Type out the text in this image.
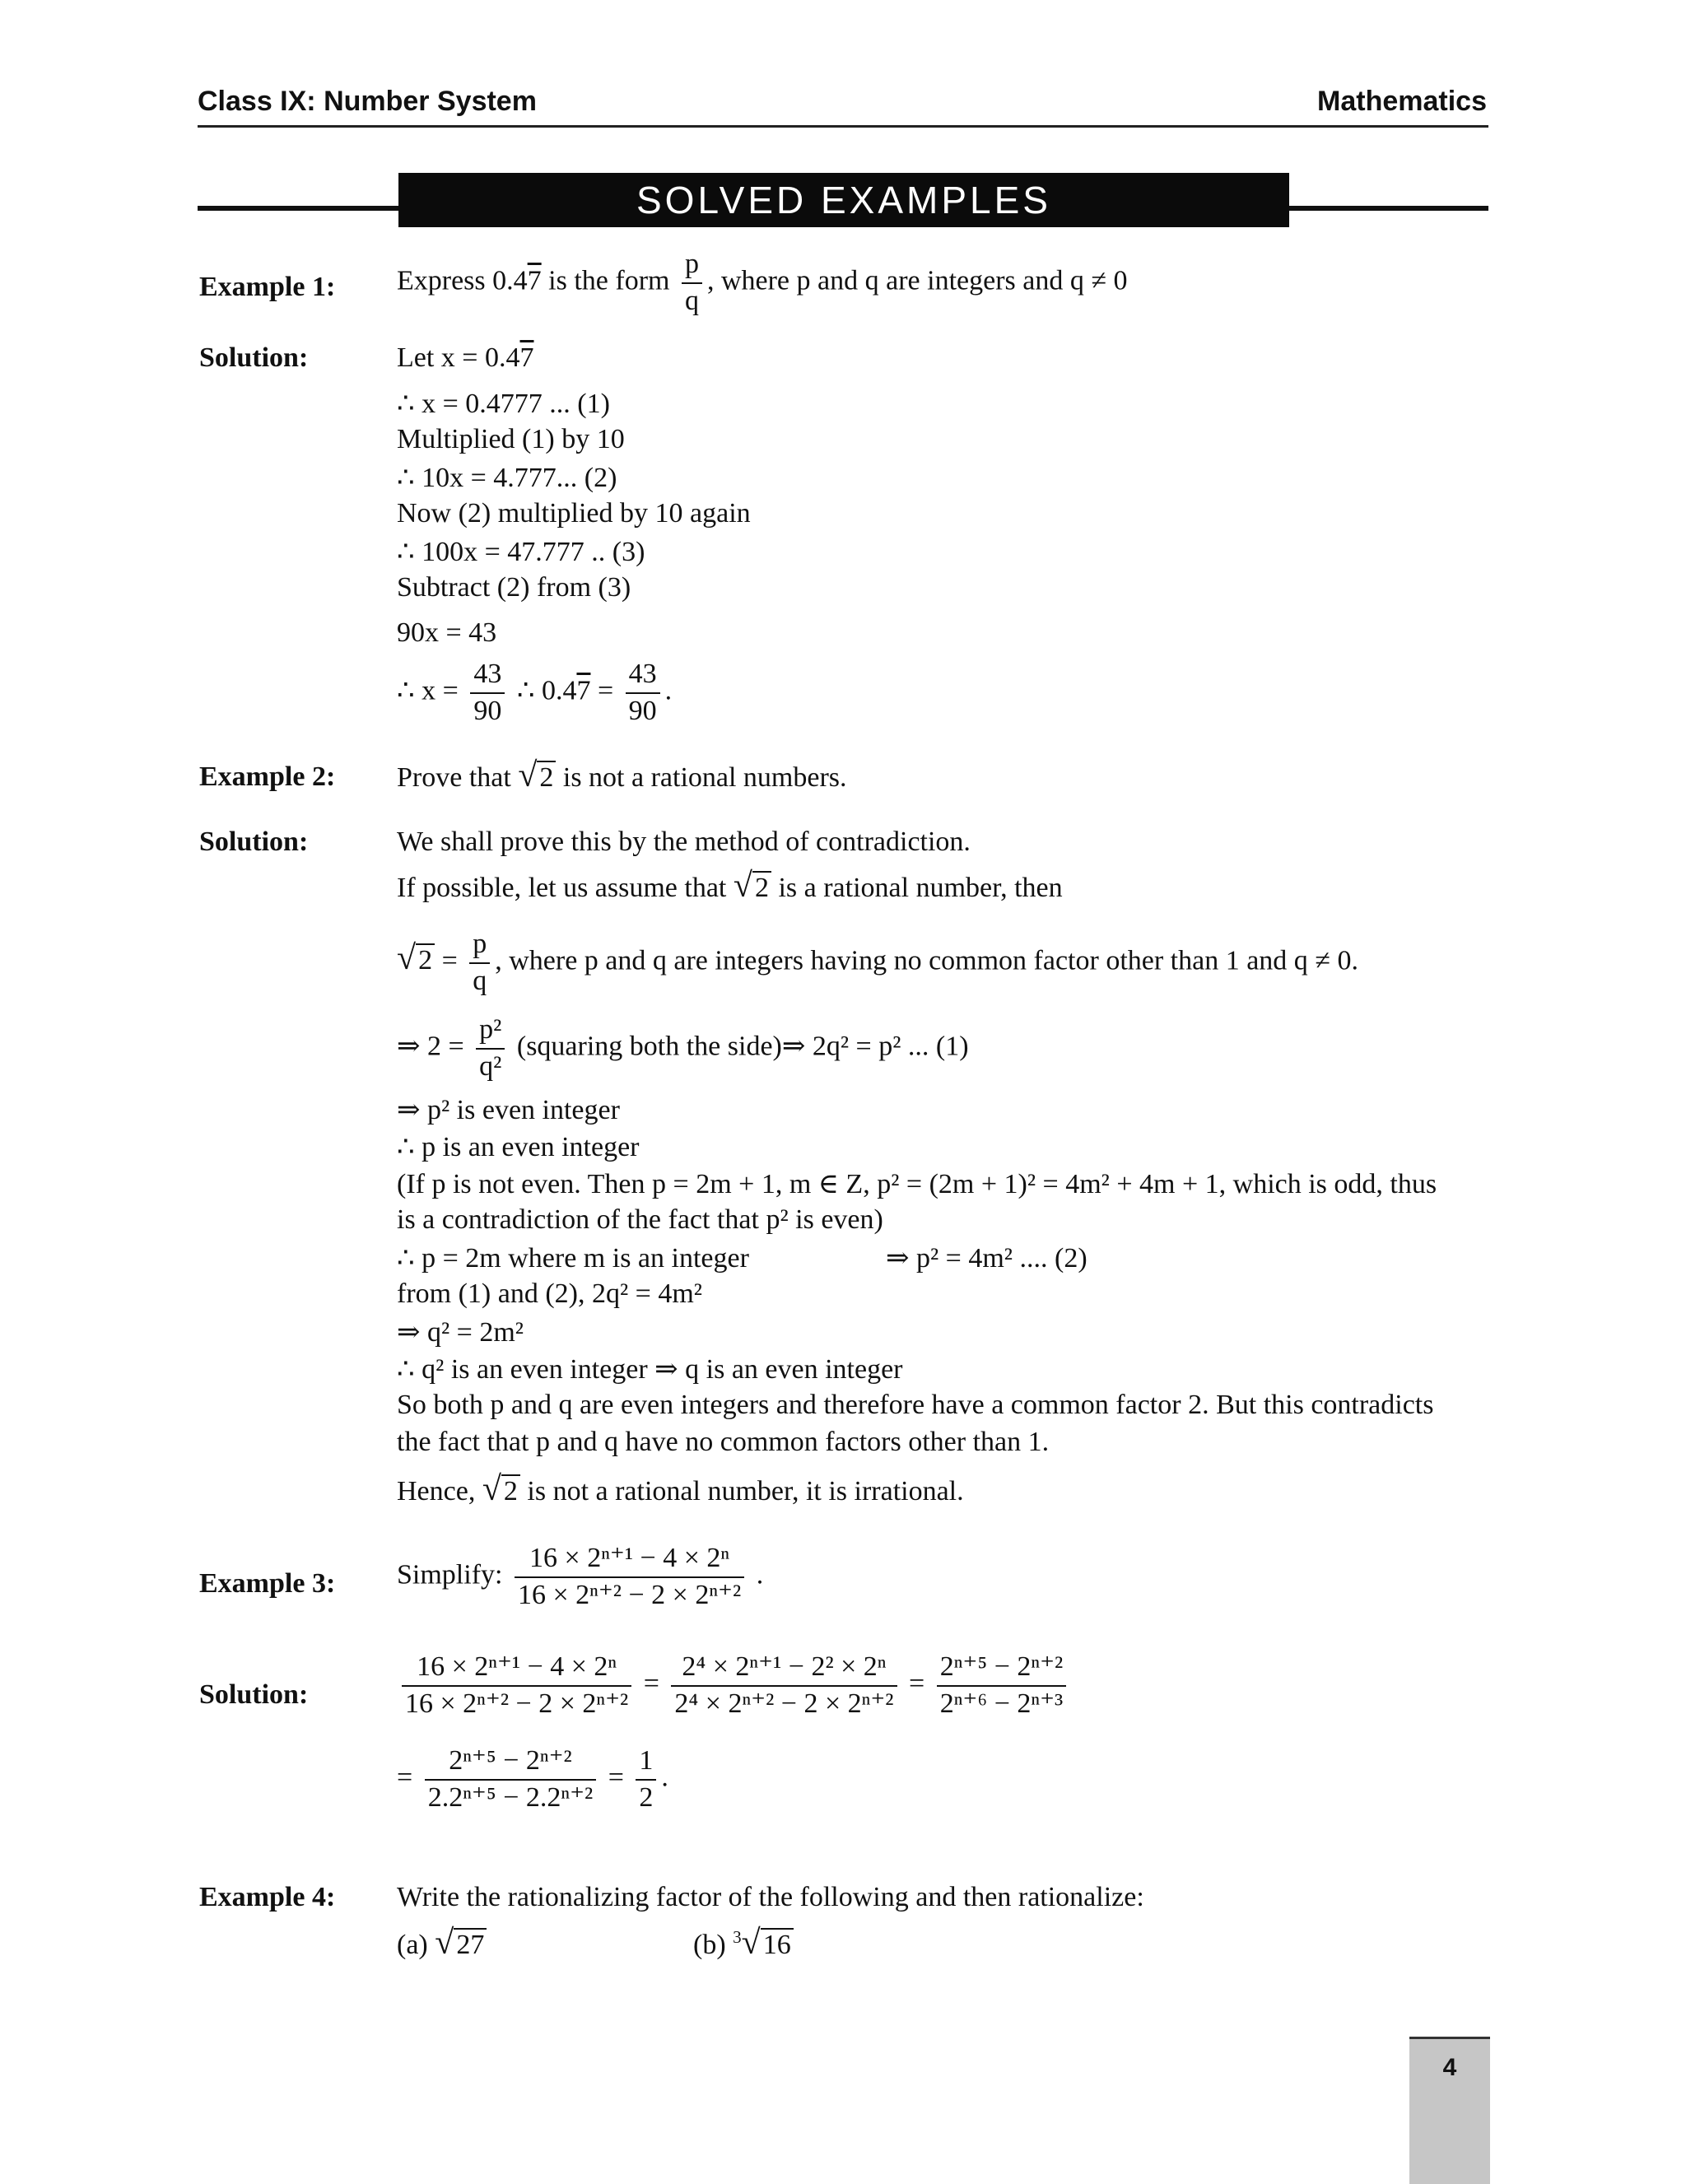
Class IX: Number System	Mathematics
SOLVED EXAMPLES
Example 1: Express 0.47 is the form $\frac{p}{q}$ , where p and q are integers and q ≠ 0
Solution:	Let x = 0.47
∴ x = 0.4777 ... (1)
Multiplied (1) by 10
∴ 10x = 4.777... (2)
Now (2) multiplied by 10 again
∴ 100x = 47.777 .. (3)
Subtract (2) from (3)
90x = 43
∴ $x = \frac{43}{90}$ ∴ $0.47 = \frac{43}{90}$ .
Example 2: Prove that √2 is not a rational numbers.
Solution:	We shall prove this by the method of contradiction.
If possible, let us assume that √2 is a rational number, then
$√2 = \frac{p}{q}$ , where p and q are integers having no common factor other than 1 and q ≠ 0.
⇒ $2 = \frac{\text{p²}}{\text{q²}}$ (squaring both the side)⇒ 2q² = p² ... (1)
⇒ p² is even integer
∴ p is an even integer
(If p is not even. Then p = 2m + 1, m ∈ Z, p² = (2m + 1)² = 4m² + 4m + 1, which is odd, thus
is a contradiction of the fact that p² is even)
∴ p = 2m where m is an integer	⇒ p² = 4m² .... (2)
from (1) and (2), 2q² = 4m²
⇒ q² = 2m²
∴ q² is an even integer ⇒ q is an even integer
So both p and q are even integers and therefore have a common factor 2. But this contradicts
the fact that p and q have no common factors other than 1.
Hence, √2 is not a rational number, it is irrational.
Example 3: Simplify: $\frac{\text{16 × 2ⁿ⁺¹ − 4 × 2ⁿ}}{\text{16 × 2ⁿ⁺² − 2 × 2ⁿ⁺²}}$ .
Solution:	$\frac{\text{16 × 2ⁿ⁺¹ − 4 × 2ⁿ}}{\text{16 × 2ⁿ⁺² − 2 × 2ⁿ⁺²}} = \frac{\text{2⁴ × 2ⁿ⁺¹ − 2² × 2ⁿ}}{\text{2⁴ × 2ⁿ⁺² − 2 × 2ⁿ⁺²}} = \frac{\text{2ⁿ⁺⁵ − 2ⁿ⁺²}}{\text{2ⁿ⁺⁶ − 2ⁿ⁺³}}$
= $\frac{\text{2ⁿ⁺⁵ − 2ⁿ⁺²}}{\text{2.2ⁿ⁺⁵ − 2.2ⁿ⁺²}} = \frac{1}{2}$ .
Example 4: Write the rationalizing factor of the following and then rationalize:
(a) √27	(b) $^3$√16
4
